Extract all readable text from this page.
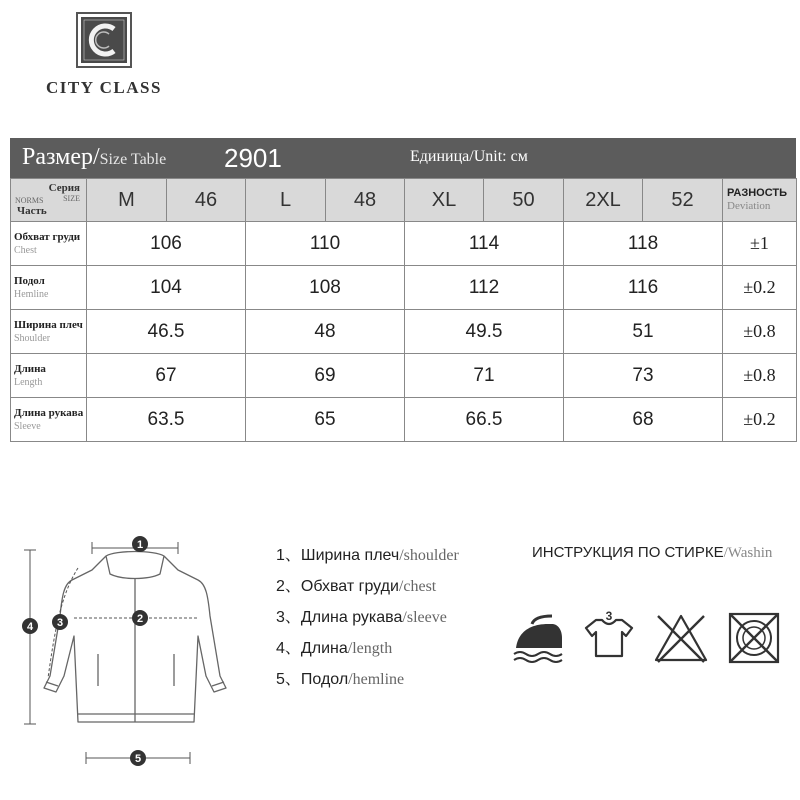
CITY CLASS
Размер/Size Table 2901	Единица/Unit: см
Серия
NORMS SIZE
Часть	M	46	L	48	XL	50	2XL	52	РАЗНОСТЬ
Deviation

Обхват груди
Chest	106		110		114		118		±1

Подол
Hemline	104		108		112		116		±0.2

Ширина плеч
Shoulder	46.5		48		49.5		51		±0.8

Длина
Length	67		69		71		73		±0.8

Длина рукава
Sleeve	63.5		65		66.5		68		±0.2
1
2
3
4
5
1、Ширина плеч/shoulder
2、Обхват груди/chest
3、Длина рукава/sleeve
4、Длина/length
5、Подол/hemline
ИНСТРУКЦИЯ ПО СТИРКЕ/Washin
3
